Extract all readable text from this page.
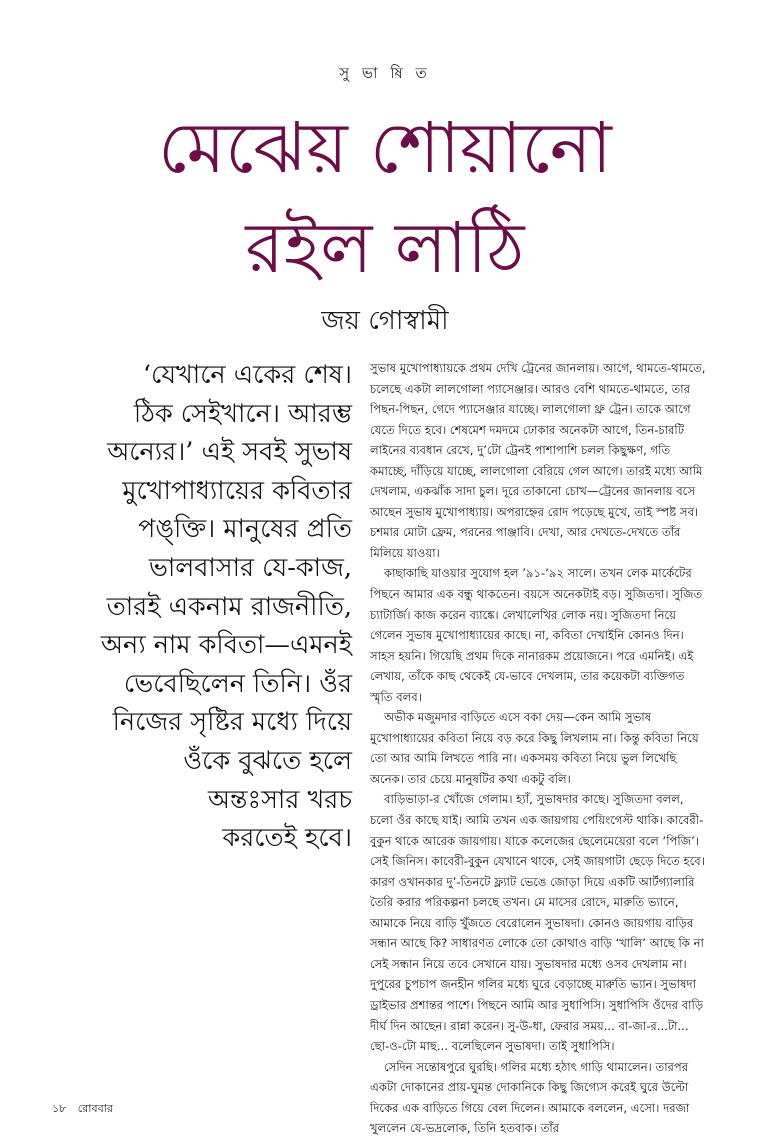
সু ভা ষি ত
মেঝেয় শোয়ানো
রইল লাঠি
জয় গোস্বামী
‘যেখানে একের শেষ।
ঠিক সেইখানে। আরম্ভ
অন্যের।’ এই সবই সুভাষ
মুখোপাধ্যায়ের কবিতার
পঙ্‌ক্তি। মানুষের প্রতি
ভালবাসার যে-কাজ,
তারই একনাম রাজনীতি,
অন্য নাম কবিতা—এমনই
ভেবেছিলেন তিনি। ওঁর
নিজের সৃষ্টির মধ্যে দিয়ে
ওঁকে বুঝতে হলে
অন্তঃসার খরচ
করতেই হবে।

সুভাষ মুখোপাধ্যায়কে প্রথম দেখি ট্রেনের জানলায়। আগে, থামতে-থামতে, চলেছে একটা লালগোলা প্যাসেঞ্জার। আরও বেশি থামতে-থামতে, তার পিছন-পিছন, গেদে প্যাসেঞ্জার যাচ্ছে। লালগোলা থ্রু ট্রেন। তাকে আগে যেতে দিতে হবে। শেষমেশ দমদমে ঢোকার অনেকটা আগে, তিন-চারটি লাইনের ব্যবধান রেখে, দু’টো ট্রেনই পাশাপাশি চলল কিছুক্ষণ, গতি কমাচ্ছে, দাঁড়িয়ে যাচ্ছে, লালগোলা বেরিয়ে গেল আগে। তারই মধ্যে আমি দেখলাম, একঝাঁক সাদা চুল। দূরে তাকানো চোখ—ট্রেনের জানলায় বসে আছেন সুভাষ মুখোপাধ্যায়। অপরাহ্নের রোদ পড়েছে মুখে, তাই স্পষ্ট সব। চশমার মোটা ফ্রেম, পরনের পাঞ্জাবি। দেখা, আর দেখতে-দেখতে তাঁর মিলিয়ে যাওয়া।

কাছাকাছি যাওয়ার সুযোগ হল ’৯১-’৯২ সালে। তখন লেক মার্কেটের পিছনে আমার এক বন্ধু থাকতেন। বয়সে অনেকটাই বড়। সুজিতদা। সুজিত চ্যাটার্জি। কাজ করেন ব্যাঙ্কে। লেখালেখির লোক নয়। সুজিতদা নিয়ে গেলেন সুভাষ মুখোপাধ্যায়ের কাছে। না, কবিতা দেখাইনি কোনও দিন। সাহস হয়নি। গিয়েছি প্রথম দিকে নানারকম প্রয়োজনে। পরে এমনিই। এই লেখায়, তাঁকে কাছ থেকেই যে-ভাবে দেখলাম, তার কয়েকটা ব্যক্তিগত স্মৃতি বলব।

অভীক মজুমদার বাড়িতে এসে বকা দেয়—কেন আমি সুভাষ মুখোপাধ্যায়ের কবিতা নিয়ে বড় করে কিছু লিখলাম না। কিন্তু কবিতা নিয়ে তো আর আমি লিখতে পারি না। একসময় কবিতা নিয়ে ভুল লিখেছি অনেক। তার চেয়ে মানুষটির কথা একটু বলি।

বাড়িভাড়া-র খোঁজে গেলাম। হ্যাঁ, সুভাষদার কাছে। সুজিতদা বলল, চলো ওঁর কাছে যাই। আমি তখন এক জায়গায় পেয়িংগেস্ট থাকি। কাবেরী-বুকুন থাকে আরেক জায়গায়। যাকে কলেজের ছেলেমেয়েরা বলে ‘পিজি’। সেই জিনিস। কাবেরী-বুকুন যেখানে থাকে, সেই জায়গাটা ছেড়ে দিতে হবে। কারণ ওখানকার দু’-তিনটে ফ্ল্যাট ভেঙে জোড়া দিয়ে একটি আর্টগ্যালারি তৈরি করার পরিকল্পনা চলছে তখন। মে মাসের রোদে, মারুতি ভ্যানে, আমাকে নিয়ে বাড়ি খুঁজতে বেরোলেন সুভাষদা। কোনও জায়গায় বাড়ির সন্ধান আছে কি? সাধারণত লোকে তো কোথাও বাড়ি ‘খালি’ আছে কি না সেই সন্ধান নিয়ে তবে সেখানে যায়। সুভাষদার মধ্যে ওসব দেখলাম না। দুপুরের চুপচাপ জনহীন গলির মধ্যে ঘুরে বেড়াচ্ছে মারুতি ভ্যান। সুভাষদা ড্রাইভার প্রশান্তর পাশে। পিছনে আমি আর সুধাপিসি। সুধাপিসি ওঁদের বাড়ি দীর্ঘ দিন আছেন। রান্না করেন। সু-উ-ধা, ফেরার সময়... বা-জা-র...টা... ছো-ও-টো মাছ... বলেছিলেন সুভাষদা। তাই সুধাপিসি।

সেদিন সন্তোষপুরে ঘুরছি। গলির মধ্যে হঠাৎ গাড়ি থামালেন। তারপর একটা দোকানের প্রায়-ঘুমন্ত দোকানিকে কিছু জিগ্যেস করেই ঘুরে উল্টো দিকের এক বাড়িতে গিয়ে বেল দিলেন। আমাকে বললেন, এসো। দরজা খুললেন যে-ভদ্রলোক, তিনি হতবাক। তাঁর

১৮ রোববার
